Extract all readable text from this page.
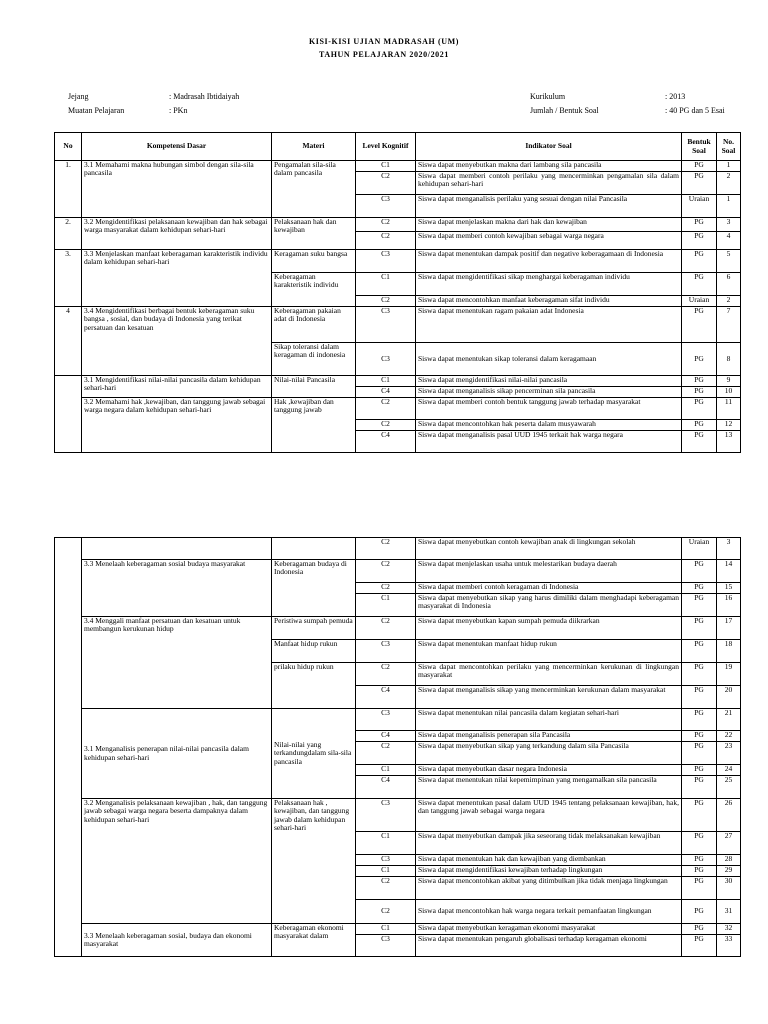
KISI-KISI UJIAN MADRASAH (UM)
TAHUN PELAJARAN 2020/2021
Jejang	: Madrasah Ibtidaiyah
Muatan Pelajaran	: PKn
Kurikulum	: 2013
Jumlah / Bentuk Soal	: 40 PG dan 5 Esai
No	Kompetensi Dasar	Materi	Level Kognitif	Indikator Soal	Bentuk Soal	No. Soal
1.	3.1 Memahami makna hubungan simbol dengan sila-sila pancasila	Pengamalan sila-sila dalam pancasila	C1	Siswa dapat menyebutkan makna dari lambang sila pancasila	PG	1
			C2	Siswa dapat memberi contoh perilaku yang mencerminkan pengamalan sila dalam kehidupan sehari-hari	PG	2
			C3	Siswa dapat menganalisis perilaku yang sesuai dengan nilai Pancasila	Uraian	1
2.	3.2 Mengidentifikasi pelaksanaan kewajiban dan hak sebagai warga masyarakat dalam kehidupan sehari-hari	Pelaksanaan hak dan kewajiban	C2	Siswa dapat menjelaskan makna dari hak dan kewajiban	PG	3
			C2	Siswa dapat memberi contoh kewajiban sebagai warga negara	PG	4
3.	3.3 Menjelaskan manfaat keberagaman karakteristik individu dalam kehidupan sehari-hari	Keragaman suku bangsa	C3	Siswa dapat menentukan dampak positif dan negative keberagamaan di Indonesia	PG	5
		Keberagaman karakteristik individu	C1	Siswa dapat mengidentifikasi sikap menghargai keberagaman individu	PG	6
			C2	Siswa dapat mencontohkan manfaat keberagaman sifat individu	Uraian	2
4	3.4 Mengidentifikasi berbagai bentuk keberagaman suku bangsa , sosial, dan budaya di Indonesia yang terikat persatuan dan kesatuan	Keberagaman pakaian adat di Indonesia	C3	Siswa dapat menentukan ragam pakaian adat Indonesia	PG	7
		Sikap toleransi dalam keragaman di indonesia	C3	Siswa dapat menentukan sikap toleransi dalam keragamaan	PG	8
	3.1 Mengidentifikasi nilai-nilai pancasila dalam kehidupan sehari-hari	Nilai-nilai Pancasila	C1	Siswa dapat mengidentifikasi nilai-nilai pancasila	PG	9
			C4	Siswa dapat menganalisis sikap pencerminan sila pancasila	PG	10
	3.2 Memahami hak ,kewajiban, dan tanggung jawab sebagai warga negara dalam kehidupan sehari-hari	Hak ,kewajiban dan tanggung jawab	C2	Siswa dapat memberi contoh bentuk tanggung jawab terhadap masyarakat	PG	11
			C2	Siswa dapat mencontohkan hak peserta dalam musyawarah	PG	12
			C4	Siswa dapat menganalisis pasal UUD 1945 terkait hak warga negara	PG	13
			C2	Siswa dapat menyebutkan contoh kewajiban anak di lingkungan sekolah	Uraian	3
	3.3 Menelaah keberagaman sosial budaya masyarakat	Keberagaman budaya di Indonesia	C2	Siswa dapat menjelaskan usaha untuk melestarikan budaya daerah	PG	14
			C2	Siswa dapat memberi contoh keragaman di Indonesia	PG	15
			C1	Siswa dapat menyebutkan sikap yang harus dimiliki dalam menghadapi keberagaman masyarakat di Indonesia	PG	16
	3.4 Menggali manfaat persatuan dan kesatuan untuk membangun kerukunan hidup	Peristiwa sumpah pemuda	C2	Siswa dapat menyebutkan kapan sumpah pemuda diikrarkan	PG	17
		Manfaat hidup rukun	C3	Siswa dapat menentukan manfaat hidup rukun	PG	18
		prilaku hidup rukun	C2	Siswa dapat mencontohkan perilaku yang mencerminkan kerukunan di lingkungan masyarakat	PG	19
			C4	Siswa dapat menganalisis sikap yang mencerminkan kerukunan dalam masyarakat	PG	20
	3.1 Menganalisis penerapan nilai-nilai pancasila dalam kehidupan sehari-hari	Nilai-nilai yang terkandungdalam sila-sila pancasila	C3	Siswa dapat menentukan nilai pancasila dalam kegiatan sehari-hari	PG	21
			C4	Siswa dapat menganalisis penerapan sila Pancasila	PG	22
			C2	Siswa dapat menyebutkan sikap yang terkandung dalam sila Pancasila	PG	23
			C1	Siswa dapat menyebutkan dasar negara Indonesia	PG	24
			C4	Siswa dapat menentukan nilai kepemimpinan yang mengamalkan sila pancasila	PG	25
	3.2 Menganalisis pelaksanaan kewajiban , hak, dan tanggung jawab sebagai warga negara beserta dampaknya dalam kehidupan sehari-hari	Pelaksanaan hak , kewajiban, dan tanggung jawab dalam kehidupan sehari-hari	C3	Siswa dapat menentukan pasal dalam UUD 1945 tentang pelaksanaan kewajiban, hak, dan tanggung jawab sebagai warga negara	PG	26
			C1	Siswa dapat menyebutkan dampak jika seseorang tidak melaksanakan kewajiban	PG	27
			C3	Siswa dapat menentukan hak dan kewajiban yang diembankan	PG	28
			C1	Siswa dapat mengidentifikasi kewajiban terhadap lingkungan	PG	29
			C2	Siswa dapat mencontohkan akibat yang ditimbulkan jika tidak menjaga lingkungan	PG	30
			C2	Siswa dapat mencontohkan hak warga negara terkait pemanfaatan lingkungan	PG	31
	3.3 Menelaah keberagaman sosial, budaya dan ekonomi masyarakat	Keberagaman ekonomi masyarakat dalam	C1	Siswa dapat menyebutkan keragaman ekonomi masyarakat	PG	32
			C3	Siswa dapat menentukan pengaruh globalisasi terhadap keragaman ekonomi	PG	33
